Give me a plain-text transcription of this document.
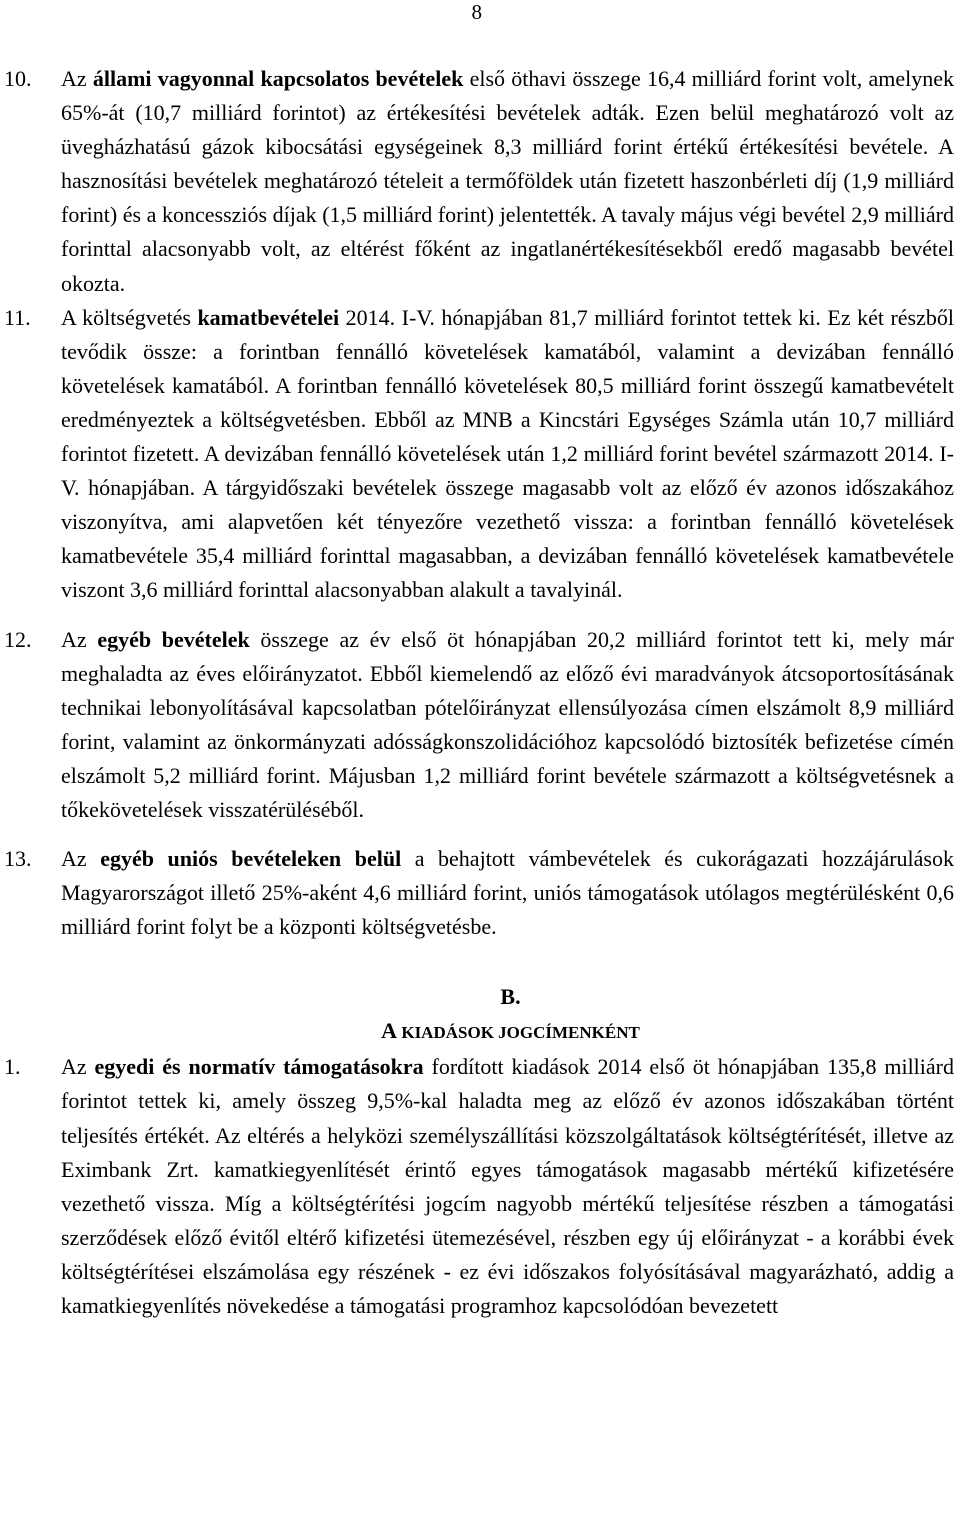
8
10. Az állami vagyonnal kapcsolatos bevételek első öthavi összege 16,4 milliárd forint volt, amelynek 65%-át (10,7 milliárd forintot) az értékesítési bevételek adták. Ezen belül meghatározó volt az üvegházhatású gázok kibocsátási egységeinek 8,3 milliárd forint értékű értékesítési bevétele. A hasznosítási bevételek meghatározó tételeit a termőföldek után fizetett haszonbérleti díj (1,9 milliárd forint) és a koncessziós díjak (1,5 milliárd forint) jelentették. A tavaly május végi bevétel 2,9 milliárd forinttal alacsonyabb volt, az eltérést főként az ingatlanértékesítésekből eredő magasabb bevétel okozta.
11. A költségvetés kamatbevételei 2014. I-V. hónapjában 81,7 milliárd forintot tettek ki. Ez két részből tevődik össze: a forintban fennálló követelések kamatából, valamint a devizában fennálló követelések kamatából. A forintban fennálló követelések 80,5 milliárd forint összegű kamatbevételt eredményeztek a költségvetésben. Ebből az MNB a Kincstári Egységes Számla után 10,7 milliárd forintot fizetett. A devizában fennálló követelések után 1,2 milliárd forint bevétel származott 2014. I-V. hónapjában. A tárgyidőszaki bevételek összege magasabb volt az előző év azonos időszakához viszonyítva, ami alapvetően két tényezőre vezethető vissza: a forintban fennálló követelések kamatbevétele 35,4 milliárd forinttal magasabban, a devizában fennálló követelések kamatbevétele viszont 3,6 milliárd forinttal alacsonyabban alakult a tavalyinál.
12. Az egyéb bevételek összege az év első öt hónapjában 20,2 milliárd forintot tett ki, mely már meghaladta az éves előirányzatot. Ebből kiemelendő az előző évi maradványok átcsoportosításának technikai lebonyolításával kapcsolatban pótelőirányzat ellensúlyozása címen elszámolt 8,9 milliárd forint, valamint az önkormányzati adósságkonszolidációhoz kapcsolódó biztosíték befizetése címén elszámolt 5,2 milliárd forint. Májusban 1,2 milliárd forint bevétele származott a költségvetésnek a tőkekövetelések visszatérüléséből.
13. Az egyéb uniós bevételeken belül a behajtott vámbevételek és cukorágazati hozzájárulások Magyarországot illető 25%-aként 4,6 milliárd forint, uniós támogatások utólagos megtérülésként 0,6 milliárd forint folyt be a központi költségvetésbe.
B.
A KIADÁSOK JOGCÍMENKÉNT
1. Az egyedi és normatív támogatásokra fordított kiadások 2014 első öt hónapjában 135,8 milliárd forintot tettek ki, amely összeg 9,5%-kal haladta meg az előző év azonos időszakában történt teljesítés értékét. Az eltérés a helyközi személyszállítási közszolgáltatások költségtérítését, illetve az Eximbank Zrt. kamatkiegyenlítését érintő egyes támogatások magasabb mértékű kifizetésére vezethető vissza. Míg a költségtérítési jogcím nagyobb mértékű teljesítése részben a támogatási szerződések előző évitől eltérő kifizetési ütemezésével, részben egy új előirányzat - a korábbi évek költségtérítései elszámolása egy részének - ez évi időszakos folyósításával magyarázható, addig a kamatkiegyenlítés növekedése a támogatási programhoz kapcsolódóan bevezetett
